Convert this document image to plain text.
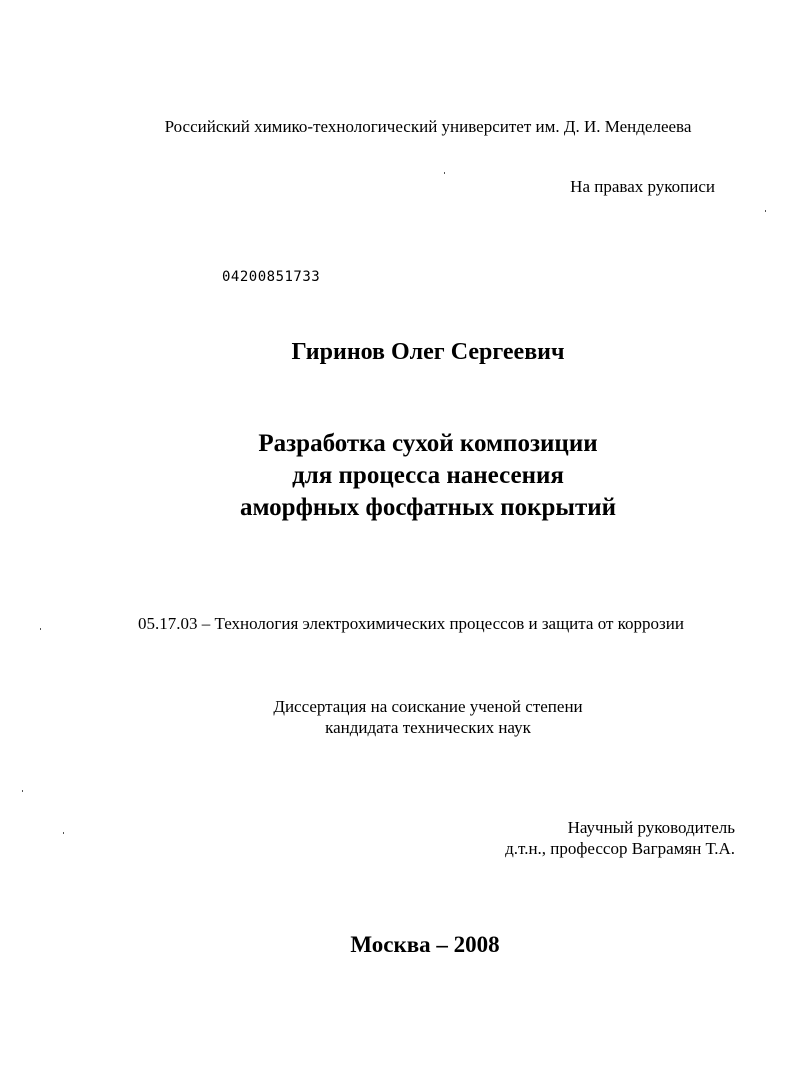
Российский химико-технологический университет им. Д. И. Менделеева
На правах рукописи
04200851733
Гиринов Олег Сергеевич
Разработка сухой композиции
для процесса нанесения
аморфных фосфатных покрытий
05.17.03 – Технология электрохимических процессов и защита от коррозии
Диссертация на соискание ученой степени
кандидата технических наук
Научный руководитель
д.т.н., профессор Ваграмян Т.А.
Москва – 2008
